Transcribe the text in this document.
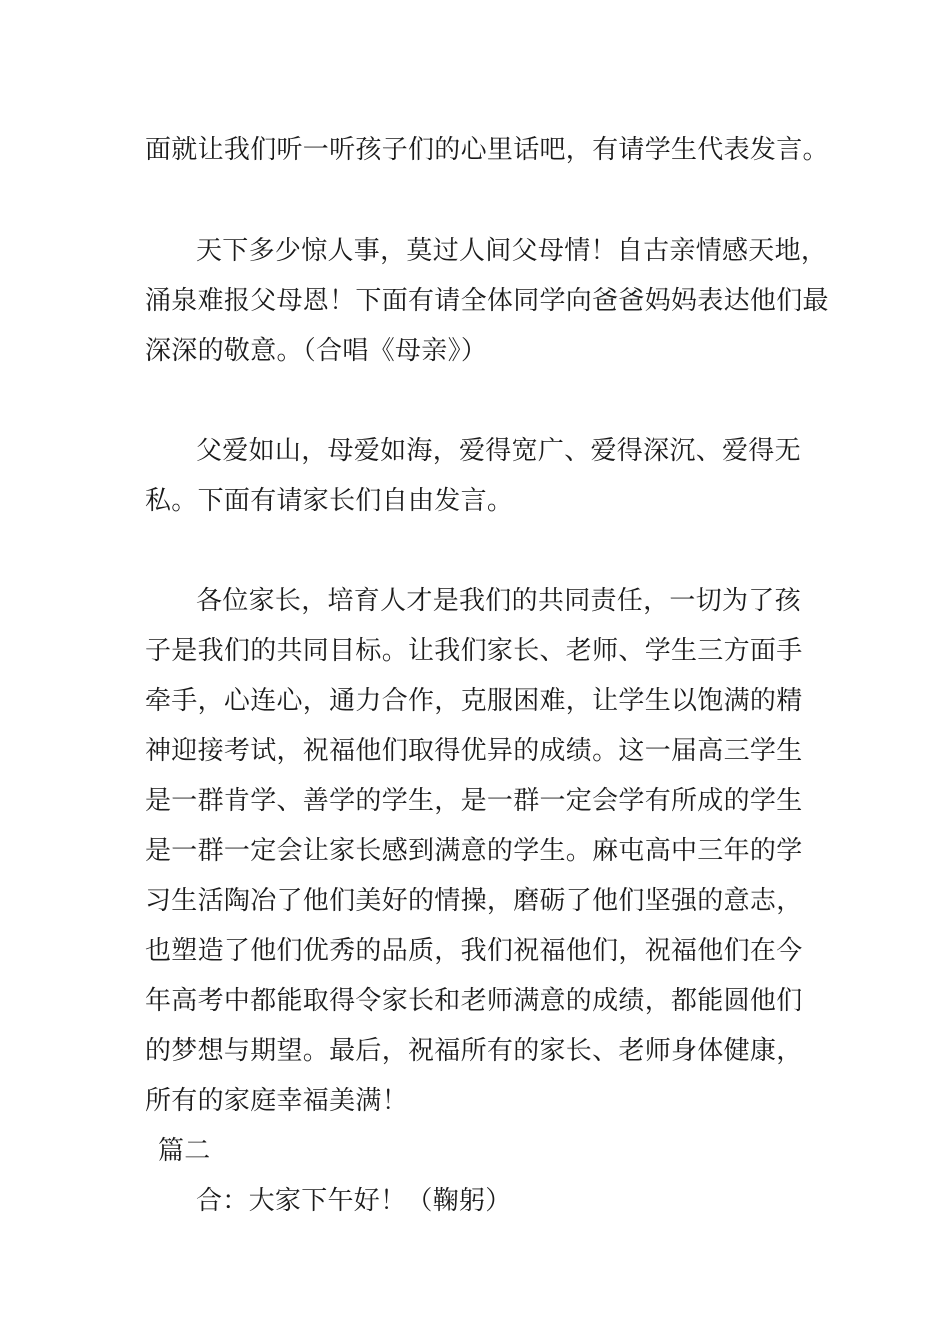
面就让我们听一听孩子们的心里话吧，有请学生代表发言。
天下多少惊人事，莫过人间父母情！自古亲情感天地，
涌泉难报父母恩！下面有请全体同学向爸爸妈妈表达他们最
深深的敬意。（合唱《母亲》）
父爱如山，母爱如海，爱得宽广、爱得深沉、爱得无
私。下面有请家长们自由发言。
各位家长，培育人才是我们的共同责任，一切为了孩
子是我们的共同目标。让我们家长、老师、学生三方面手
牵手，心连心，通力合作，克服困难，让学生以饱满的精
神迎接考试，祝福他们取得优异的成绩。这一届高三学生
是一群肯学、善学的学生，是一群一定会学有所成的学生
是一群一定会让家长感到满意的学生。麻屯高中三年的学
习生活陶冶了他们美好的情操，磨砺了他们坚强的意志，
也塑造了他们优秀的品质，我们祝福他们，祝福他们在今
年高考中都能取得令家长和老师满意的成绩，都能圆他们
的梦想与期望。最后，祝福所有的家长、老师身体健康，
所有的家庭幸福美满！
篇二
合：大家下午好！（鞠躬）
